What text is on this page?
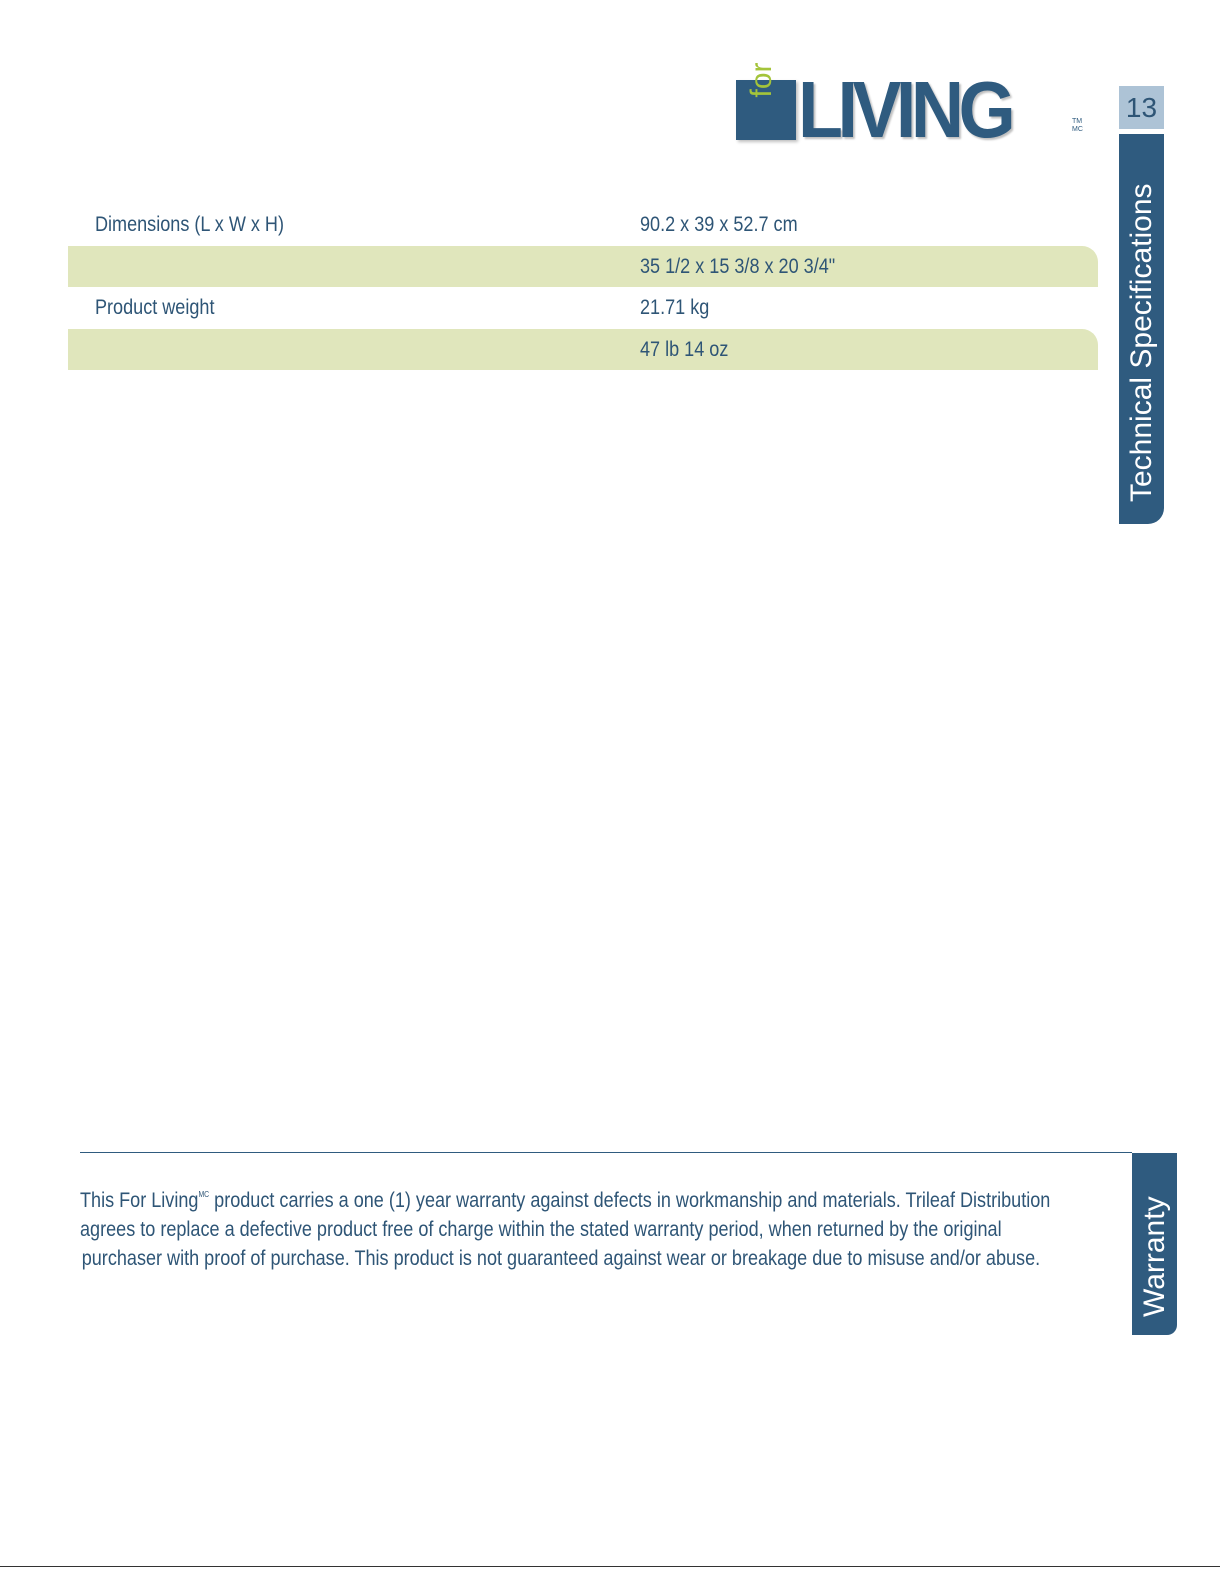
for LIVING	TM
MC
13
Technical Specifications
Dimensions (L x W x H)	90.2 x 39 x 52.7 cm
35 1/2 x 15 3/8 x 20 3/4"
Product weight	21.71 kg
47 lb 14 oz
This For Living$^{MC}$ product carries a one (1) year warranty against defects in workmanship and materials. Trileaf Distribution
agrees to replace a defective product free of charge within the stated warranty period, when returned by the original
purchaser with proof of purchase. This product is not guaranteed against wear or breakage due to misuse and/or abuse.	Warranty
